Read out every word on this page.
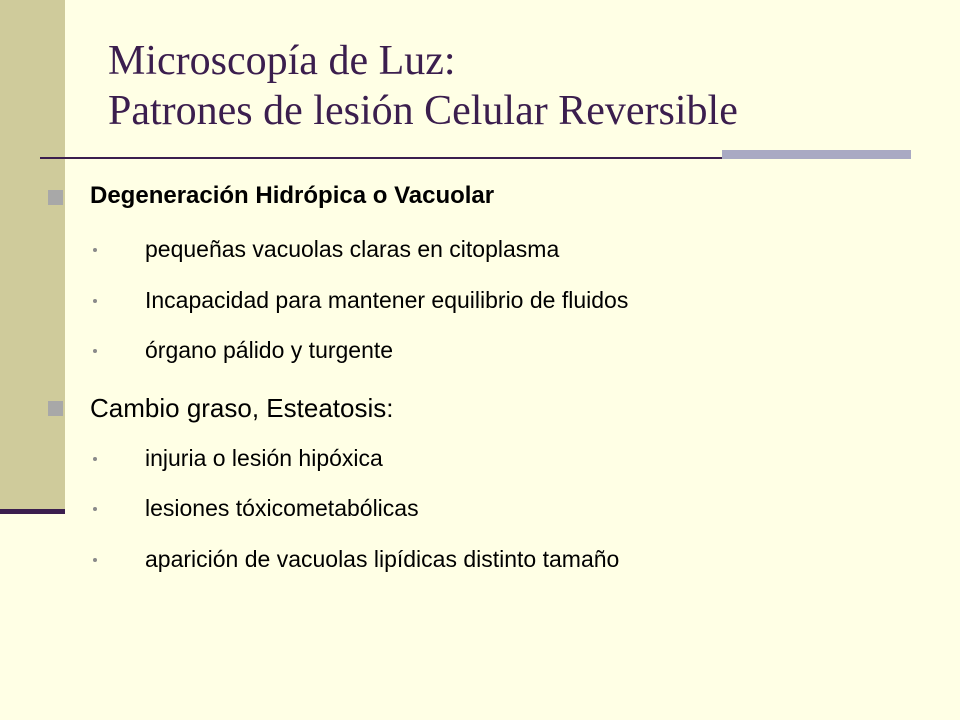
Microscopía de Luz:
Patrones de lesión Celular Reversible
Degeneración Hidrópica o Vacuolar
pequeñas vacuolas claras en citoplasma
Incapacidad para mantener equilibrio de fluidos
órgano pálido y turgente
Cambio graso, Esteatosis:
injuria o lesión hipóxica
lesiones tóxicometabólicas
aparición de vacuolas lipídicas distinto tamaño
